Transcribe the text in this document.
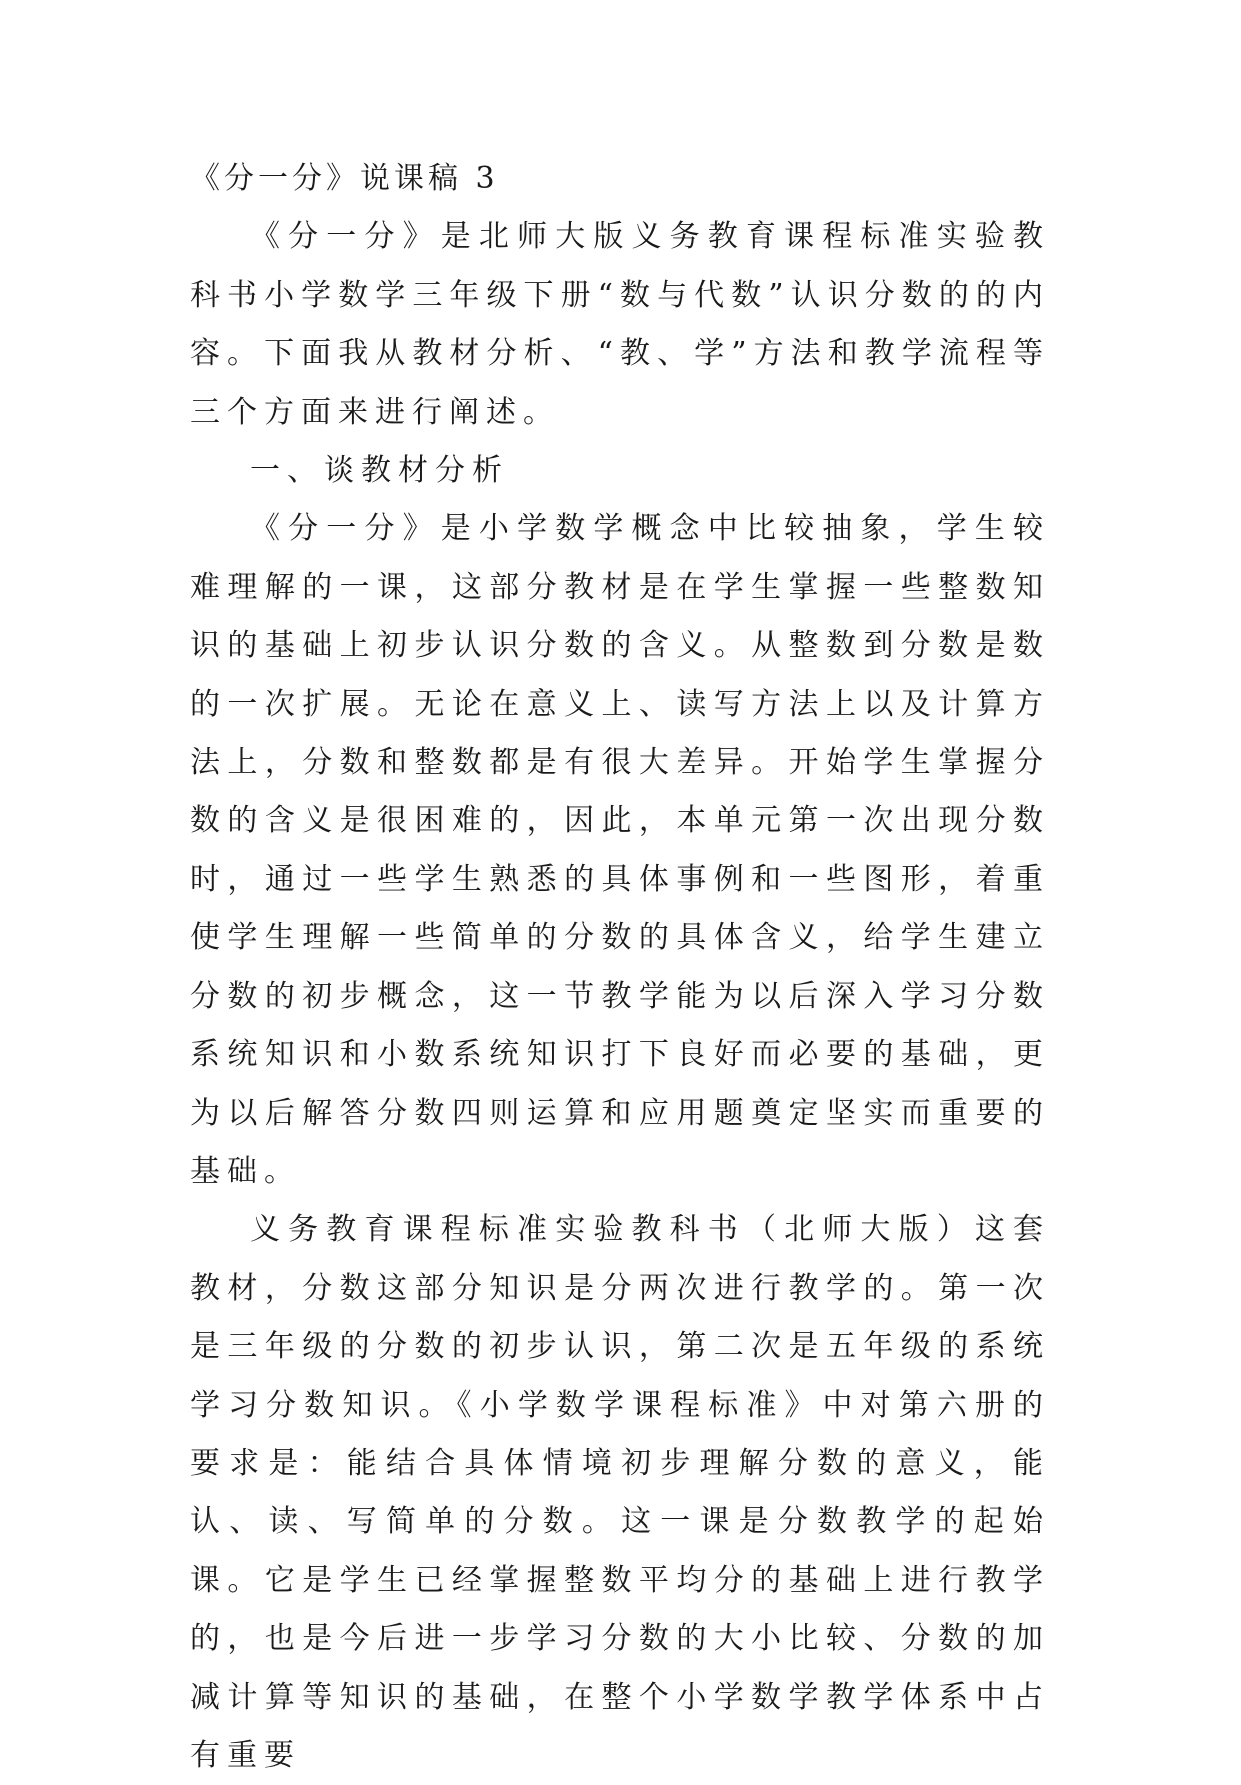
《分一分》说课稿 3

《分一分》是北师大版义务教育课程标准实验教科书小学数学三年级下册“数与代数”认识分数的的内容。下面我从教材分析、“教、学”方法和教学流程等三个方面来进行阐述。

一、谈教材分析

《分一分》是小学数学概念中比较抽象，学生较难理解的一课，这部分教材是在学生掌握一些整数知识的基础上初步认识分数的含义。从整数到分数是数的一次扩展。无论在意义上、读写方法上以及计算方法上，分数和整数都是有很大差异。开始学生掌握分数的含义是很困难的，因此，本单元第一次出现分数时，通过一些学生熟悉的具体事例和一些图形，着重使学生理解一些简单的分数的具体含义，给学生建立分数的初步概念，这一节教学能为以后深入学习分数系统知识和小数系统知识打下良好而必要的基础，更为以后解答分数四则运算和应用题奠定坚实而重要的基础。

义务教育课程标准实验教科书（北师大版）这套教材，分数这部分知识是分两次进行教学的。第一次是三年级的分数的初步认识，第二次是五年级的系统学习分数知识。《小学数学课程标准》中对第六册的要求是：能结合具体情境初步理解分数的意义，能认、读、写简单的分数。这一课是分数教学的起始课。它是学生已经掌握整数平均分的基础上进行教学的，也是今后进一步学习分数的大小比较、分数的加减计算等知识的基础，在整个小学数学教学体系中占有重要
